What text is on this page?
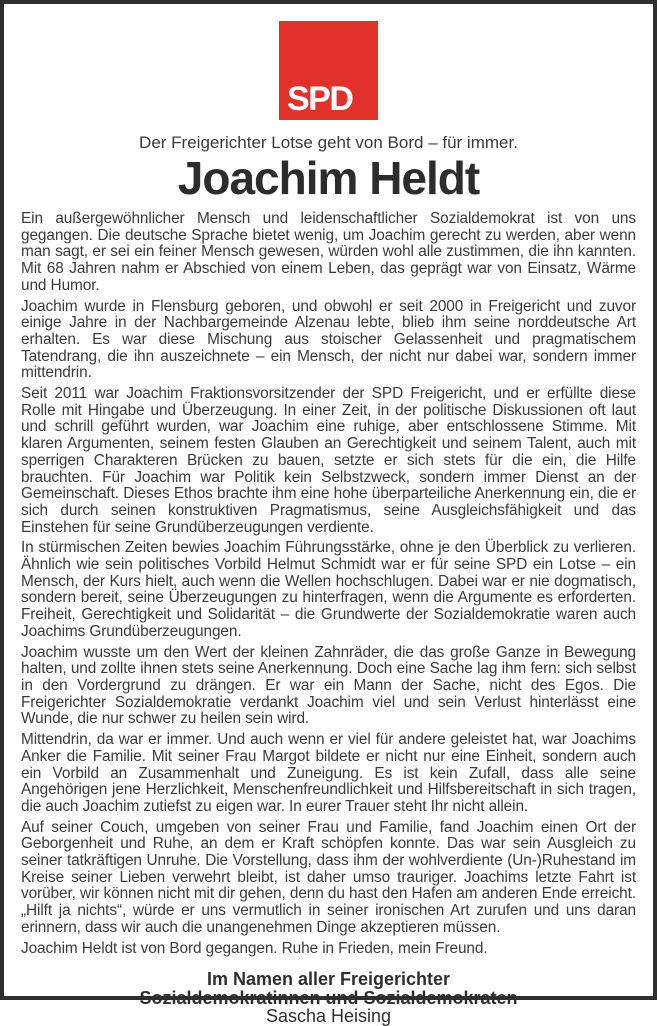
SPD
Der Freigerichter Lotse geht von Bord – für immer.
Joachim Heldt

Ein außergewöhnlicher Mensch und leidenschaftlicher Sozialdemokrat ist von uns gegangen. Die deutsche Sprache bietet wenig, um Joachim gerecht zu werden, aber wenn man sagt, er sei ein feiner Mensch gewesen, würden wohl alle zustimmen, die ihn kannten. Mit 68 Jahren nahm er Abschied von einem Leben, das geprägt war von Einsatz, Wärme und Humor.

Joachim wurde in Flensburg geboren, und obwohl er seit 2000 in Freigericht und zuvor einige Jahre in der Nachbargemeinde Alzenau lebte, blieb ihm seine norddeutsche Art erhalten. Es war diese Mischung aus stoischer Gelassenheit und pragmatischem Tatendrang, die ihn auszeichnete – ein Mensch, der nicht nur dabei war, sondern immer mittendrin.

Seit 2011 war Joachim Fraktionsvorsitzender der SPD Freigericht, und er erfüllte diese Rolle mit Hingabe und Überzeugung. In einer Zeit, in der politische Diskussionen oft laut und schrill geführt wurden, war Joachim eine ruhige, aber entschlossene Stimme. Mit klaren Argumenten, seinem festen Glauben an Gerechtigkeit und seinem Talent, auch mit sperrigen Charakteren Brücken zu bauen, setzte er sich stets für die ein, die Hilfe brauchten. Für Joachim war Politik kein Selbstzweck, sondern immer Dienst an der Gemeinschaft. Dieses Ethos brachte ihm eine hohe überparteiliche Anerkennung ein, die er sich durch seinen konstruktiven Pragmatismus, seine Ausgleichsfähigkeit und das Einstehen für seine Grundüberzeugungen verdiente.

In stürmischen Zeiten bewies Joachim Führungsstärke, ohne je den Überblick zu verlieren. Ähnlich wie sein politisches Vorbild Helmut Schmidt war er für seine SPD ein Lotse – ein Mensch, der Kurs hielt, auch wenn die Wellen hochschlugen. Dabei war er nie dogmatisch, sondern bereit, seine Überzeugungen zu hinterfragen, wenn die Argumente es erforderten. Freiheit, Gerechtigkeit und Solidarität – die Grundwerte der Sozialdemokratie waren auch Joachims Grundüberzeugungen.

Joachim wusste um den Wert der kleinen Zahnräder, die das große Ganze in Bewegung halten, und zollte ihnen stets seine Anerkennung. Doch eine Sache lag ihm fern: sich selbst in den Vordergrund zu drängen. Er war ein Mann der Sache, nicht des Egos. Die Freigerichter Sozialdemokratie verdankt Joachim viel und sein Verlust hinterlässt eine Wunde, die nur schwer zu heilen sein wird.

Mittendrin, da war er immer. Und auch wenn er viel für andere geleistet hat, war Joachims Anker die Familie. Mit seiner Frau Margot bildete er nicht nur eine Einheit, sondern auch ein Vorbild an Zusammenhalt und Zuneigung. Es ist kein Zufall, dass alle seine Angehörigen jene Herzlichkeit, Menschenfreundlichkeit und Hilfsbereitschaft in sich tragen, die auch Joachim zutiefst zu eigen war. In eurer Trauer steht Ihr nicht allein.

Auf seiner Couch, umgeben von seiner Frau und Familie, fand Joachim einen Ort der Geborgenheit und Ruhe, an dem er Kraft schöpfen konnte. Das war sein Ausgleich zu seiner tatkräftigen Unruhe. Die Vorstellung, dass ihm der wohlverdiente (Un-)Ruhestand im Kreise seiner Lieben verwehrt bleibt, ist daher umso trauriger. Joachims letzte Fahrt ist vorüber, wir können nicht mit dir gehen, denn du hast den Hafen am anderen Ende erreicht. „Hilft ja nichts“, würde er uns vermutlich in seiner ironischen Art zurufen und uns daran erinnern, dass wir auch die unangenehmen Dinge akzeptieren müssen.

Joachim Heldt ist von Bord gegangen. Ruhe in Frieden, mein Freund.

Im Namen aller Freigerichter
Sozialdemokratinnen und Sozialdemokraten
Sascha Heising
